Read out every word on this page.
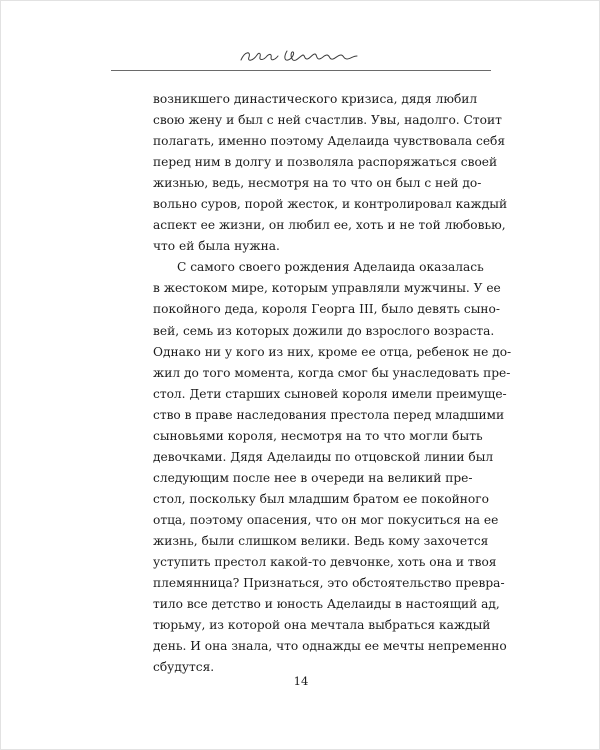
возникшего династического кризиса, дядя любил
свою жену и был с ней счастлив. Увы, надолго. Стоит
полагать, именно поэтому Аделаида чувствовала себя
перед ним в долгу и позволяла распоряжаться своей
жизнью, ведь, несмотря на то что он был с ней до-
вольно суров, порой жесток, и контролировал каждый
аспект ее жизни, он любил ее, хоть и не той любовью,
что ей была нужна.
С самого своего рождения Аделаида оказалась
в жестоком мире, которым управляли мужчины. У ее
покойного деда, короля Георга III, было девять сыно-
вей, семь из которых дожили до взрослого возраста.
Однако ни у кого из них, кроме ее отца, ребенок не до-
жил до того момента, когда смог бы унаследовать пре-
стол. Дети старших сыновей короля имели преимуще-
ство в праве наследования престола перед младшими
сыновьями короля, несмотря на то что могли быть
девочками. Дядя Аделаиды по отцовской линии был
следующим после нее в очереди на великий пре-
стол, поскольку был младшим братом ее покойного
отца, поэтому опасения, что он мог покуситься на ее
жизнь, были слишком велики. Ведь кому захочется
уступить престол какой-то девчонке, хоть она и твоя
племянница? Признаться, это обстоятельство превра-
тило все детство и юность Аделаиды в настоящий ад,
тюрьму, из которой она мечтала выбраться каждый
день. И она знала, что однажды ее мечты непременно
сбудутся.
14
